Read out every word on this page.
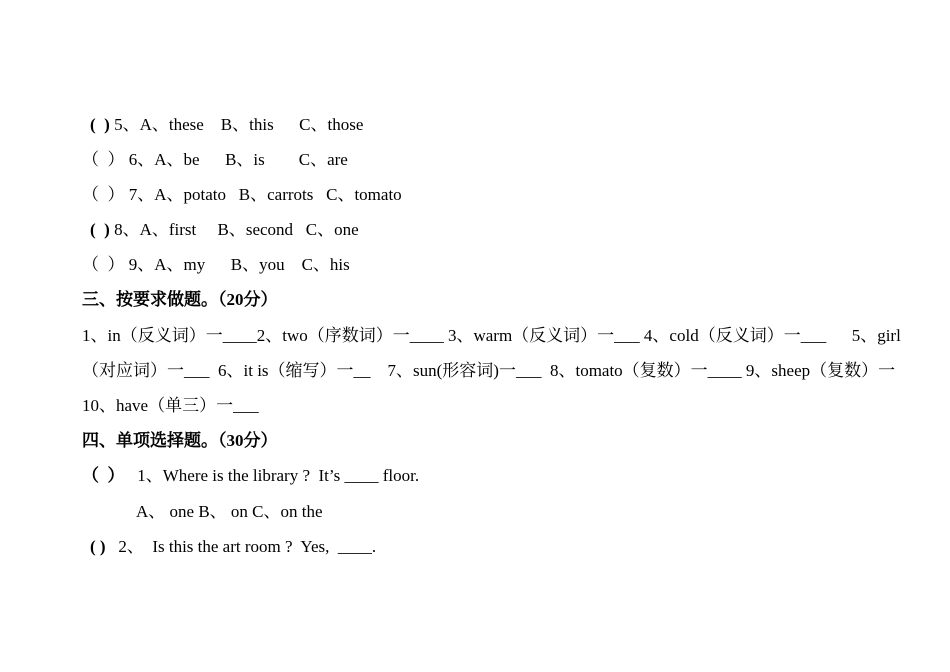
(  ) 5、A、these    B、this      C、those
（  ） 6、A、be      B、is        C、are
（  ） 7、A、potato   B、carrots   C、tomato
(  ) 8、A、first     B、second   C、one
（  ） 9、A、my      B、you    C、his
三、按要求做题。（20分）
1、in（反义词）一____2、two（序数词）一____ 3、warm（反义词）一___ 4、cold（反义词）一___      5、girl
（对应词）一___  6、it is（缩写）一__    7、sun(形容词)一___  8、tomato（复数）一____ 9、sheep（复数）一
10、have（单三）一___
四、单项选择题。（30分）
（  ）   1、Where is the library ?  It’s ____ floor.
A、 one B、 on C、on the
( )   2、  Is this the art room ?  Yes,  ____.
